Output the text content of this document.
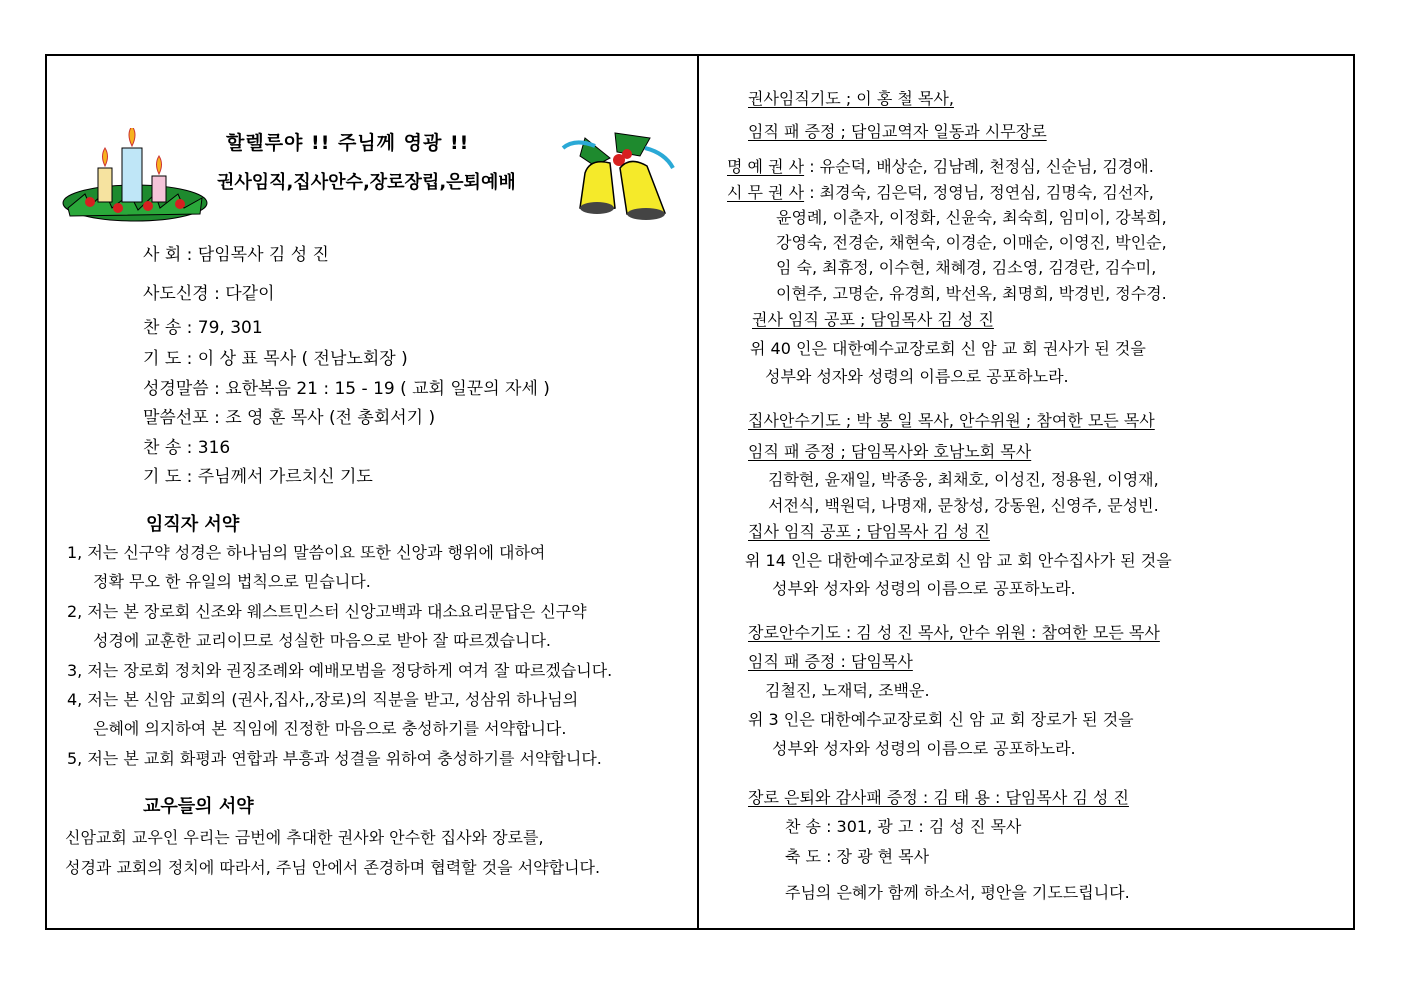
할렐루야 !! 주님께 영광 !!
권사임직,집사안수,장로장립,은퇴예배
사 회 : 담임목사 김 성 진
사도신경 : 다같이
찬 송 : 79, 301
기 도 : 이 상 표 목사 ( 전남노회장 )
성경말씀 : 요한복음 21 : 15 - 19 ( 교회 일꾼의 자세 )
말씀선포 : 조 영 훈 목사 (전 총회서기 )
찬 송 : 316
기 도 : 주님께서 가르치신 기도
임직자 서약
1, 저는 신구약 성경은 하나님의 말씀이요 또한 신앙과 행위에 대하여
정확 무오 한 유일의 법칙으로 믿습니다.
2, 저는 본 장로회 신조와 웨스트민스터 신앙고백과 대소요리문답은 신구약
성경에 교훈한 교리이므로 성실한 마음으로 받아 잘 따르겠습니다.
3, 저는 장로회 정치와 권징조례와 예배모범을 정당하게 여겨 잘 따르겠습니다.
4, 저는 본 신암 교회의 (권사,집사,,장로)의 직분을 받고, 성삼위 하나님의
은혜에 의지하여 본 직임에 진정한 마음으로 충성하기를 서약합니다.
5, 저는 본 교회 화평과 연합과 부흥과 성결을 위하여 충성하기를 서약합니다.
교우들의 서약
신암교회 교우인 우리는 금번에 추대한 권사와 안수한 집사와 장로를,
성경과 교회의 정치에 따라서, 주님 안에서 존경하며 협력할 것을 서약합니다.
권사임직기도 ; 이 홍 철 목사,
임직 패 증정 ; 담임교역자 일동과 시무장로
명 예 권 사 : 유순덕, 배상순, 김남례, 천정심, 신순님, 김경애.
시 무 권 사 : 최경숙, 김은덕, 정영님, 정연심, 김명숙, 김선자,
윤영례, 이춘자, 이정화, 신윤숙, 최숙희, 임미이, 강복희,
강영숙, 전경순, 채현숙, 이경순, 이매순, 이영진, 박인순,
임 숙, 최휴정, 이수현, 채혜경, 김소영, 김경란, 김수미,
이현주, 고명순, 유경희, 박선옥, 최명희, 박경빈, 정수경.
권사 임직 공포 ; 담임목사 김 성 진
위 40 인은 대한예수교장로회 신 암 교 회 권사가 된 것을
성부와 성자와 성령의 이름으로 공포하노라.
집사안수기도 ; 박 봉 일 목사, 안수위원 ; 참여한 모든 목사
임직 패 증정 ; 담임목사와 호남노회 목사
김학현, 윤재일, 박종웅, 최채호, 이성진, 정용원, 이영재,
서전식, 백원덕, 나명재, 문창성, 강동원, 신영주, 문성빈.
집사 임직 공포 ; 담임목사 김 성 진
위 14 인은 대한예수교장로회 신 암 교 회 안수집사가 된 것을
성부와 성자와 성령의 이름으로 공포하노라.
장로안수기도 : 김 성 진 목사, 안수 위원 : 참여한 모든 목사
임직 패 증정 : 담임목사
김철진, 노재덕, 조백운.
위 3 인은 대한예수교장로회 신 암 교 회 장로가 된 것을
성부와 성자와 성령의 이름으로 공포하노라.
장로 은퇴와 감사패 증정 : 김 태 용 : 담임목사 김 성 진
찬 송 : 301, 광 고 : 김 성 진 목사
축 도 : 장 광 현 목사
주님의 은혜가 함께 하소서, 평안을 기도드립니다.
